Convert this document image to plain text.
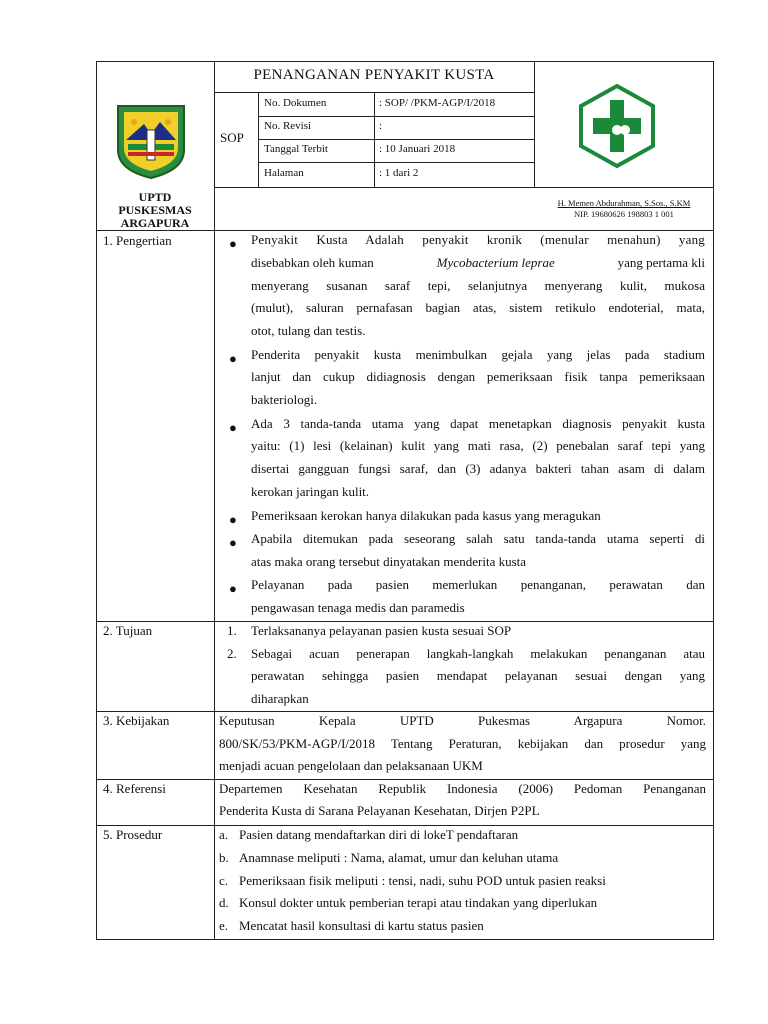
PENANGANAN PENYAKIT KUSTA
SOP
No. Dokumen	: SOP/ /PKM-AGP/I/2018
No. Revisi	:
Tanggal Terbit	: 10 Januari 2018
Halaman	: 1 dari 2
UPTD
PUSKESMAS
ARGAPURA
H. Memen Abdurahman, S.Sos., S.KM
NIP. 19680626 198803 1 001
1. Pengertian	● Penyakit Kusta Adalah penyakit kronik (menular menahun) yang
disebabkan oleh kuman	Mycobacterium leprae	yang pertama kli
menyerang susanan saraf tepi, selanjutnya menyerang kulit, mukosa
(mulut), saluran pernafasan bagian atas, sistem retikulo endoterial, mata,
otot, tulang dan testis.
● Penderita penyakit kusta menimbulkan gejala yang jelas pada stadium
lanjut dan cukup didiagnosis dengan pemeriksaan fisik tanpa pemeriksaan
bakteriologi.
● Ada 3 tanda-tanda utama yang dapat menetapkan diagnosis penyakit kusta
yaitu: (1) lesi (kelainan) kulit yang mati rasa, (2) penebalan saraf tepi yang
disertai gangguan fungsi saraf, dan (3) adanya bakteri tahan asam di dalam
kerokan jaringan kulit.
● Pemeriksaan kerokan hanya dilakukan pada kasus yang meragukan
● Apabila ditemukan pada seseorang salah satu tanda-tanda utama seperti di
atas maka orang tersebut dinyatakan menderita kusta
● Pelayanan pada pasien memerlukan penanganan, perawatan dan
pengawasan tenaga medis dan paramedis
2. Tujuan	1. Terlaksananya pelayanan pasien kusta sesuai SOP
2. Sebagai acuan penerapan langkah-langkah melakukan penanganan atau
perawatan sehingga pasien mendapat pelayanan sesuai dengan yang
diharapkan
3. Kebijakan	Keputusan Kepala UPTD Pukesmas Argapura Nomor.
800/SK/53/PKM-AGP/I/2018 Tentang Peraturan, kebijakan dan prosedur yang
menjadi acuan pengelolaan dan pelaksanaan UKM
4. Referensi	Departemen Kesehatan Republik Indonesia (2006) Pedoman Penanganan
Penderita Kusta di Sarana Pelayanan Kesehatan, Dirjen P2PL
5. Prosedur	a. Pasien datang mendaftarkan diri di lokeT pendaftaran
b. Anamnase meliputi : Nama, alamat, umur dan keluhan utama
c. Pemeriksaan fisik meliputi : tensi, nadi, suhu POD untuk pasien reaksi
d. Konsul dokter untuk pemberian terapi atau tindakan yang diperlukan
e. Mencatat hasil konsultasi di kartu status pasien
